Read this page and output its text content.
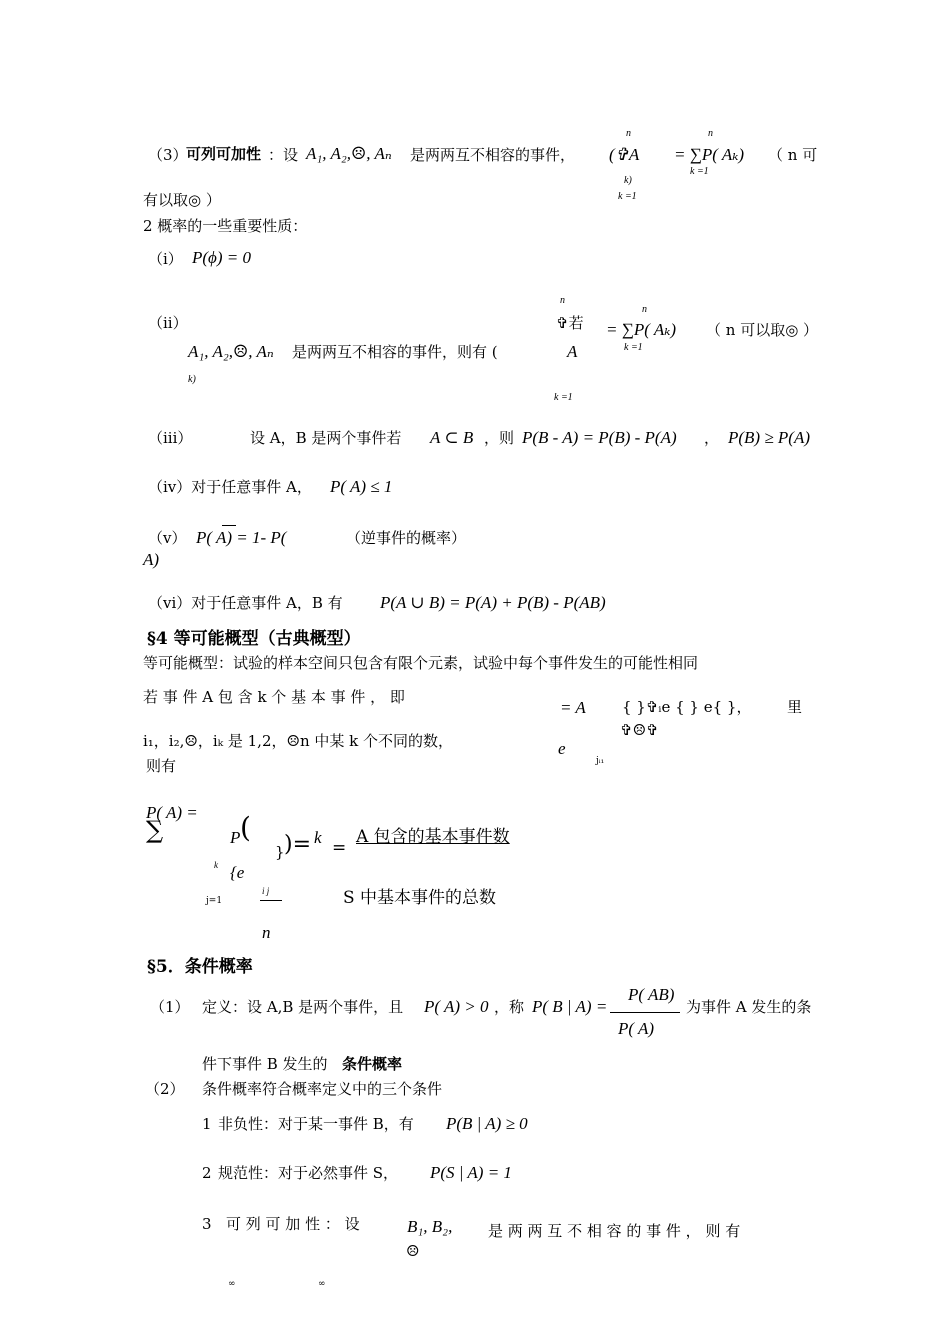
（3）
可列可加性 ：设 A₁, A₂,☹, Aₙ 是两两互不相容的事件，
n
(✞A
k)
k =1
n
= ∑P( Aₖ)
k =1
（ n 可
有以取◎ ）
2 概率的一些重要性质：
（i） P(ϕ) = 0
（ii）
n
✞若
A
k =1
n
= ∑P( Aₖ)
k =1
（ n 可以取◎ ）
A₁, A₂,☹, Aₙ 是两两互不相容的事件，则有 (
k)
（iii）	设 A，B 是两个事件若 A ⊂ B ，则 P(B - A) = P(B) - P(A) ， P(B) ≥ P(A)
（iv）对于任意事件 A， P( A) ≤ 1
（v） P( A) = 1- P(	（逆事件的概率）
A)
（vi）对于任意事件 A，B 有 P(A ∪ B) = P(A) + P(B) - P(AB)
§4 等可能概型（古典概型）
等可能概型：试验的样本空间只包含有限个元素，试验中每个事件发生的可能性相同
若 事 件 A 包 含 k 个 基 本 事 件 ， 即
= A { }✞ᵢe { } e{ }， 里
✞☹✞
i₁，i₂,☹，iₖ 是 1,2，☹n 中某 k 个不同的数，	e
jᵢ₁
则有
P( A) =
∑	P (
} )= k
=
k {e
i j
j=1
n
A 包含的基本事件数
S 中基本事件的总数
§5．条件概率
（1） 定义：设 A,B 是两个事件，且 P( A) > 0 ，称 P( B | A) =
P( AB)
P( A)
为事件 A 发生的条
件下事件 B 发生的 条件概率
（2） 条件概率符合概率定义中的三个条件
1 非负性：对于某一事件 B，有 P(B | A) ≥ 0
2 规范性：对于必然事件 S， P(S | A) = 1
3 可 列 可 加 性 ： 设	B₁, B₂,
☹
是 两 两 互 不 相 容 的 事 件 ， 则 有
∞	∞
